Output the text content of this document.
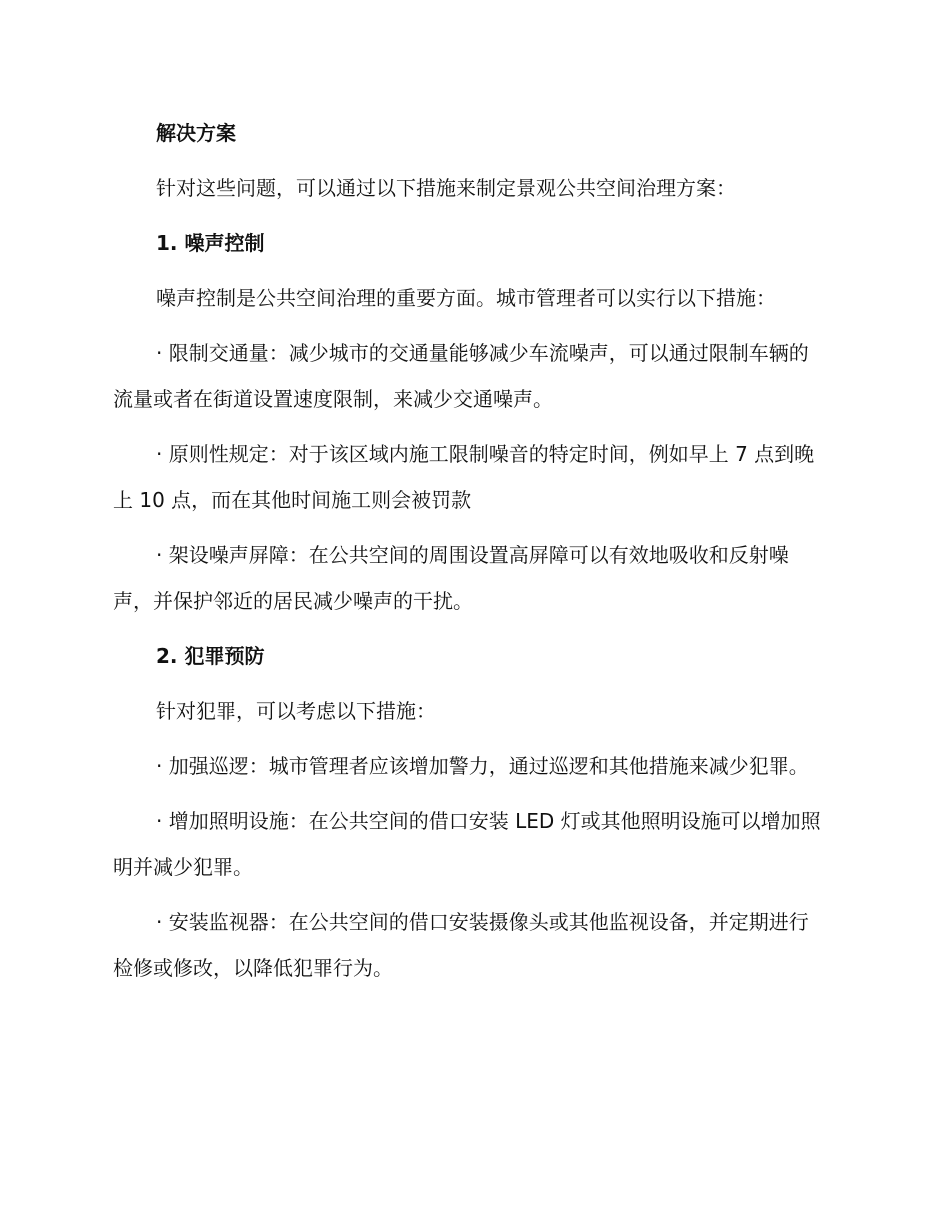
解决方案

针对这些问题，可以通过以下措施来制定景观公共空间治理方案：

1. 噪声控制

噪声控制是公共空间治理的重要方面。城市管理者可以实行以下措施：

· 限制交通量：减少城市的交通量能够减少车流噪声，可以通过限制车辆的流量或者在街道设置速度限制，来减少交通噪声。

· 原则性规定：对于该区域内施工限制噪音的特定时间，例如早上 7 点到晚上 10 点，而在其他时间施工则会被罚款

· 架设噪声屏障：在公共空间的周围设置高屏障可以有效地吸收和反射噪声，并保护邻近的居民减少噪声的干扰。

2. 犯罪预防

针对犯罪，可以考虑以下措施：

· 加强巡逻：城市管理者应该增加警力，通过巡逻和其他措施来减少犯罪。

· 增加照明设施：在公共空间的借口安装 LED 灯或其他照明设施可以增加照明并减少犯罪。

· 安装监视器：在公共空间的借口安装摄像头或其他监视设备，并定期进行检修或修改，以降低犯罪行为。
